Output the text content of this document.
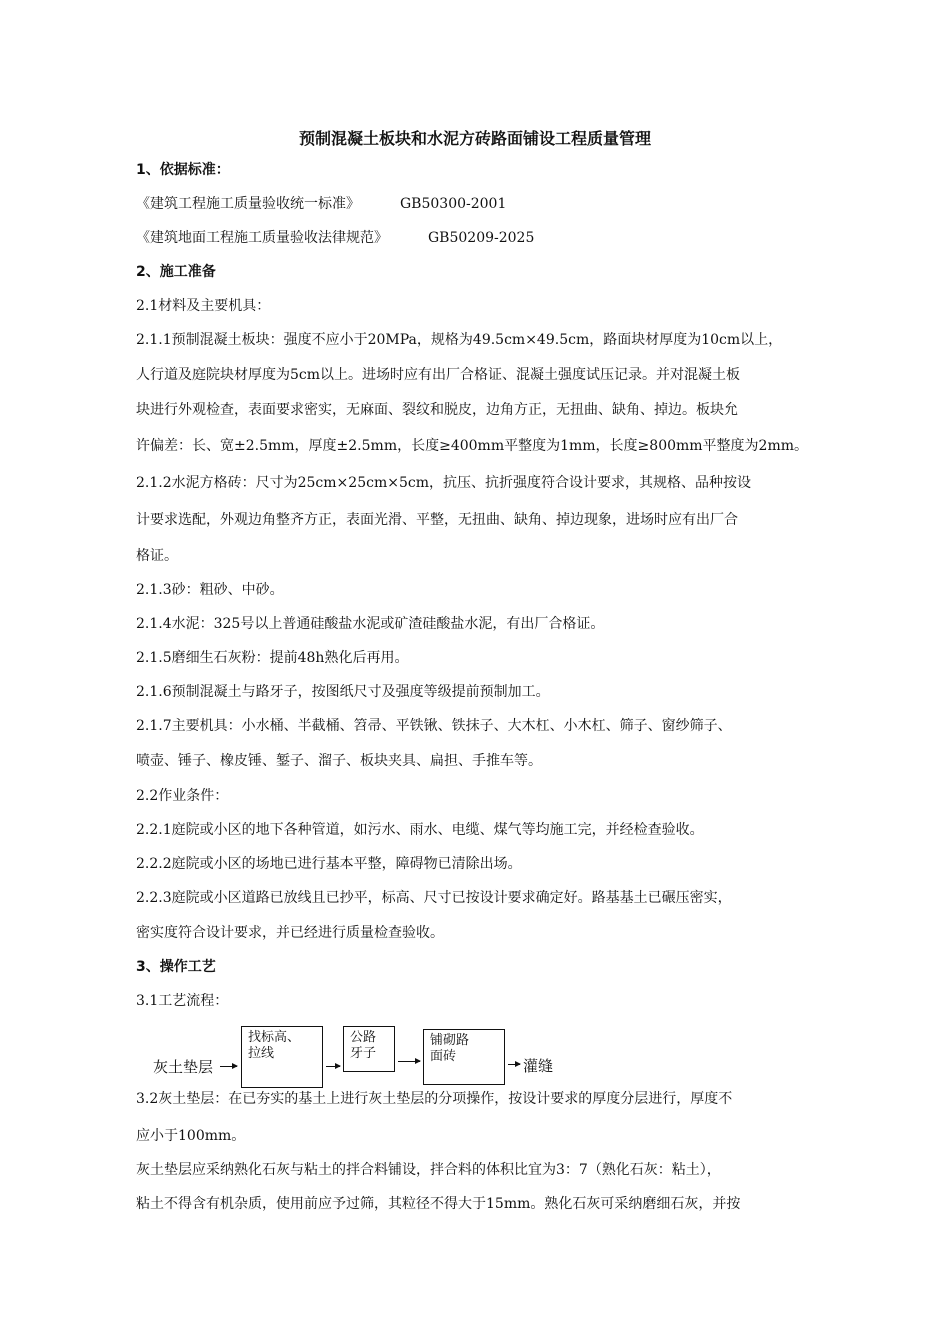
预制混凝土板块和水泥方砖路面铺设工程质量管理
1、依据标准：
《建筑工程施工质量验收统一标准》	GB50300-2001
《建筑地面工程施工质量验收法律规范》	GB50209-2025
2、施工准备
2.1材料及主要机具：
2.1.1预制混凝土板块：强度不应小于20MPa，规格为49.5cm×49.5cm，路面块材厚度为10cm以上，
人行道及庭院块材厚度为5cm以上。进场时应有出厂合格证、混凝土强度试压记录。并对混凝土板
块进行外观检查，表面要求密实，无麻面、裂纹和脱皮，边角方正，无扭曲、缺角、掉边。板块允
许偏差：长、宽±2.5mm，厚度±2.5mm，长度≥400mm平整度为1mm，长度≥800mm平整度为2mm。
2.1.2水泥方格砖：尺寸为25cm×25cm×5cm，抗压、抗折强度符合设计要求，其规格、品种按设
计要求选配，外观边角整齐方正，表面光滑、平整，无扭曲、缺角、掉边现象，进场时应有出厂合
格证。
2.1.3砂：粗砂、中砂。
2.1.4水泥：325号以上普通硅酸盐水泥或矿渣硅酸盐水泥，有出厂合格证。
2.1.5磨细生石灰粉：提前48h熟化后再用。
2.1.6预制混凝土与路牙子，按图纸尺寸及强度等级提前预制加工。
2.1.7主要机具：小水桶、半截桶、笤帚、平铁锹、铁抹子、大木杠、小木杠、筛子、窗纱筛子、
喷壶、锤子、橡皮锤、錾子、溜子、板块夹具、扁担、手推车等。
2.2作业条件：
2.2.1庭院或小区的地下各种管道，如污水、雨水、电缆、煤气等均施工完，并经检查验收。
2.2.2庭院或小区的场地已进行基本平整，障碍物已清除出场。
2.2.3庭院或小区道路已放线且已抄平，标高、尺寸已按设计要求确定好。路基基土已碾压密实，
密实度符合设计要求，并已经进行质量检查验收。
3、操作工艺
3.1工艺流程：
灰土垫层
找标高、
拉线
公路
牙子
铺砌路
面砖
灌缝
3.2灰土垫层：在已夯实的基土上进行灰土垫层的分项操作，按设计要求的厚度分层进行，厚度不
应小于100mm。
灰土垫层应采纳熟化石灰与粘土的拌合料铺设，拌合料的体积比宜为3：7（熟化石灰：粘土），
粘土不得含有机杂质，使用前应予过筛，其粒径不得大于15mm。熟化石灰可采纳磨细石灰，并按
